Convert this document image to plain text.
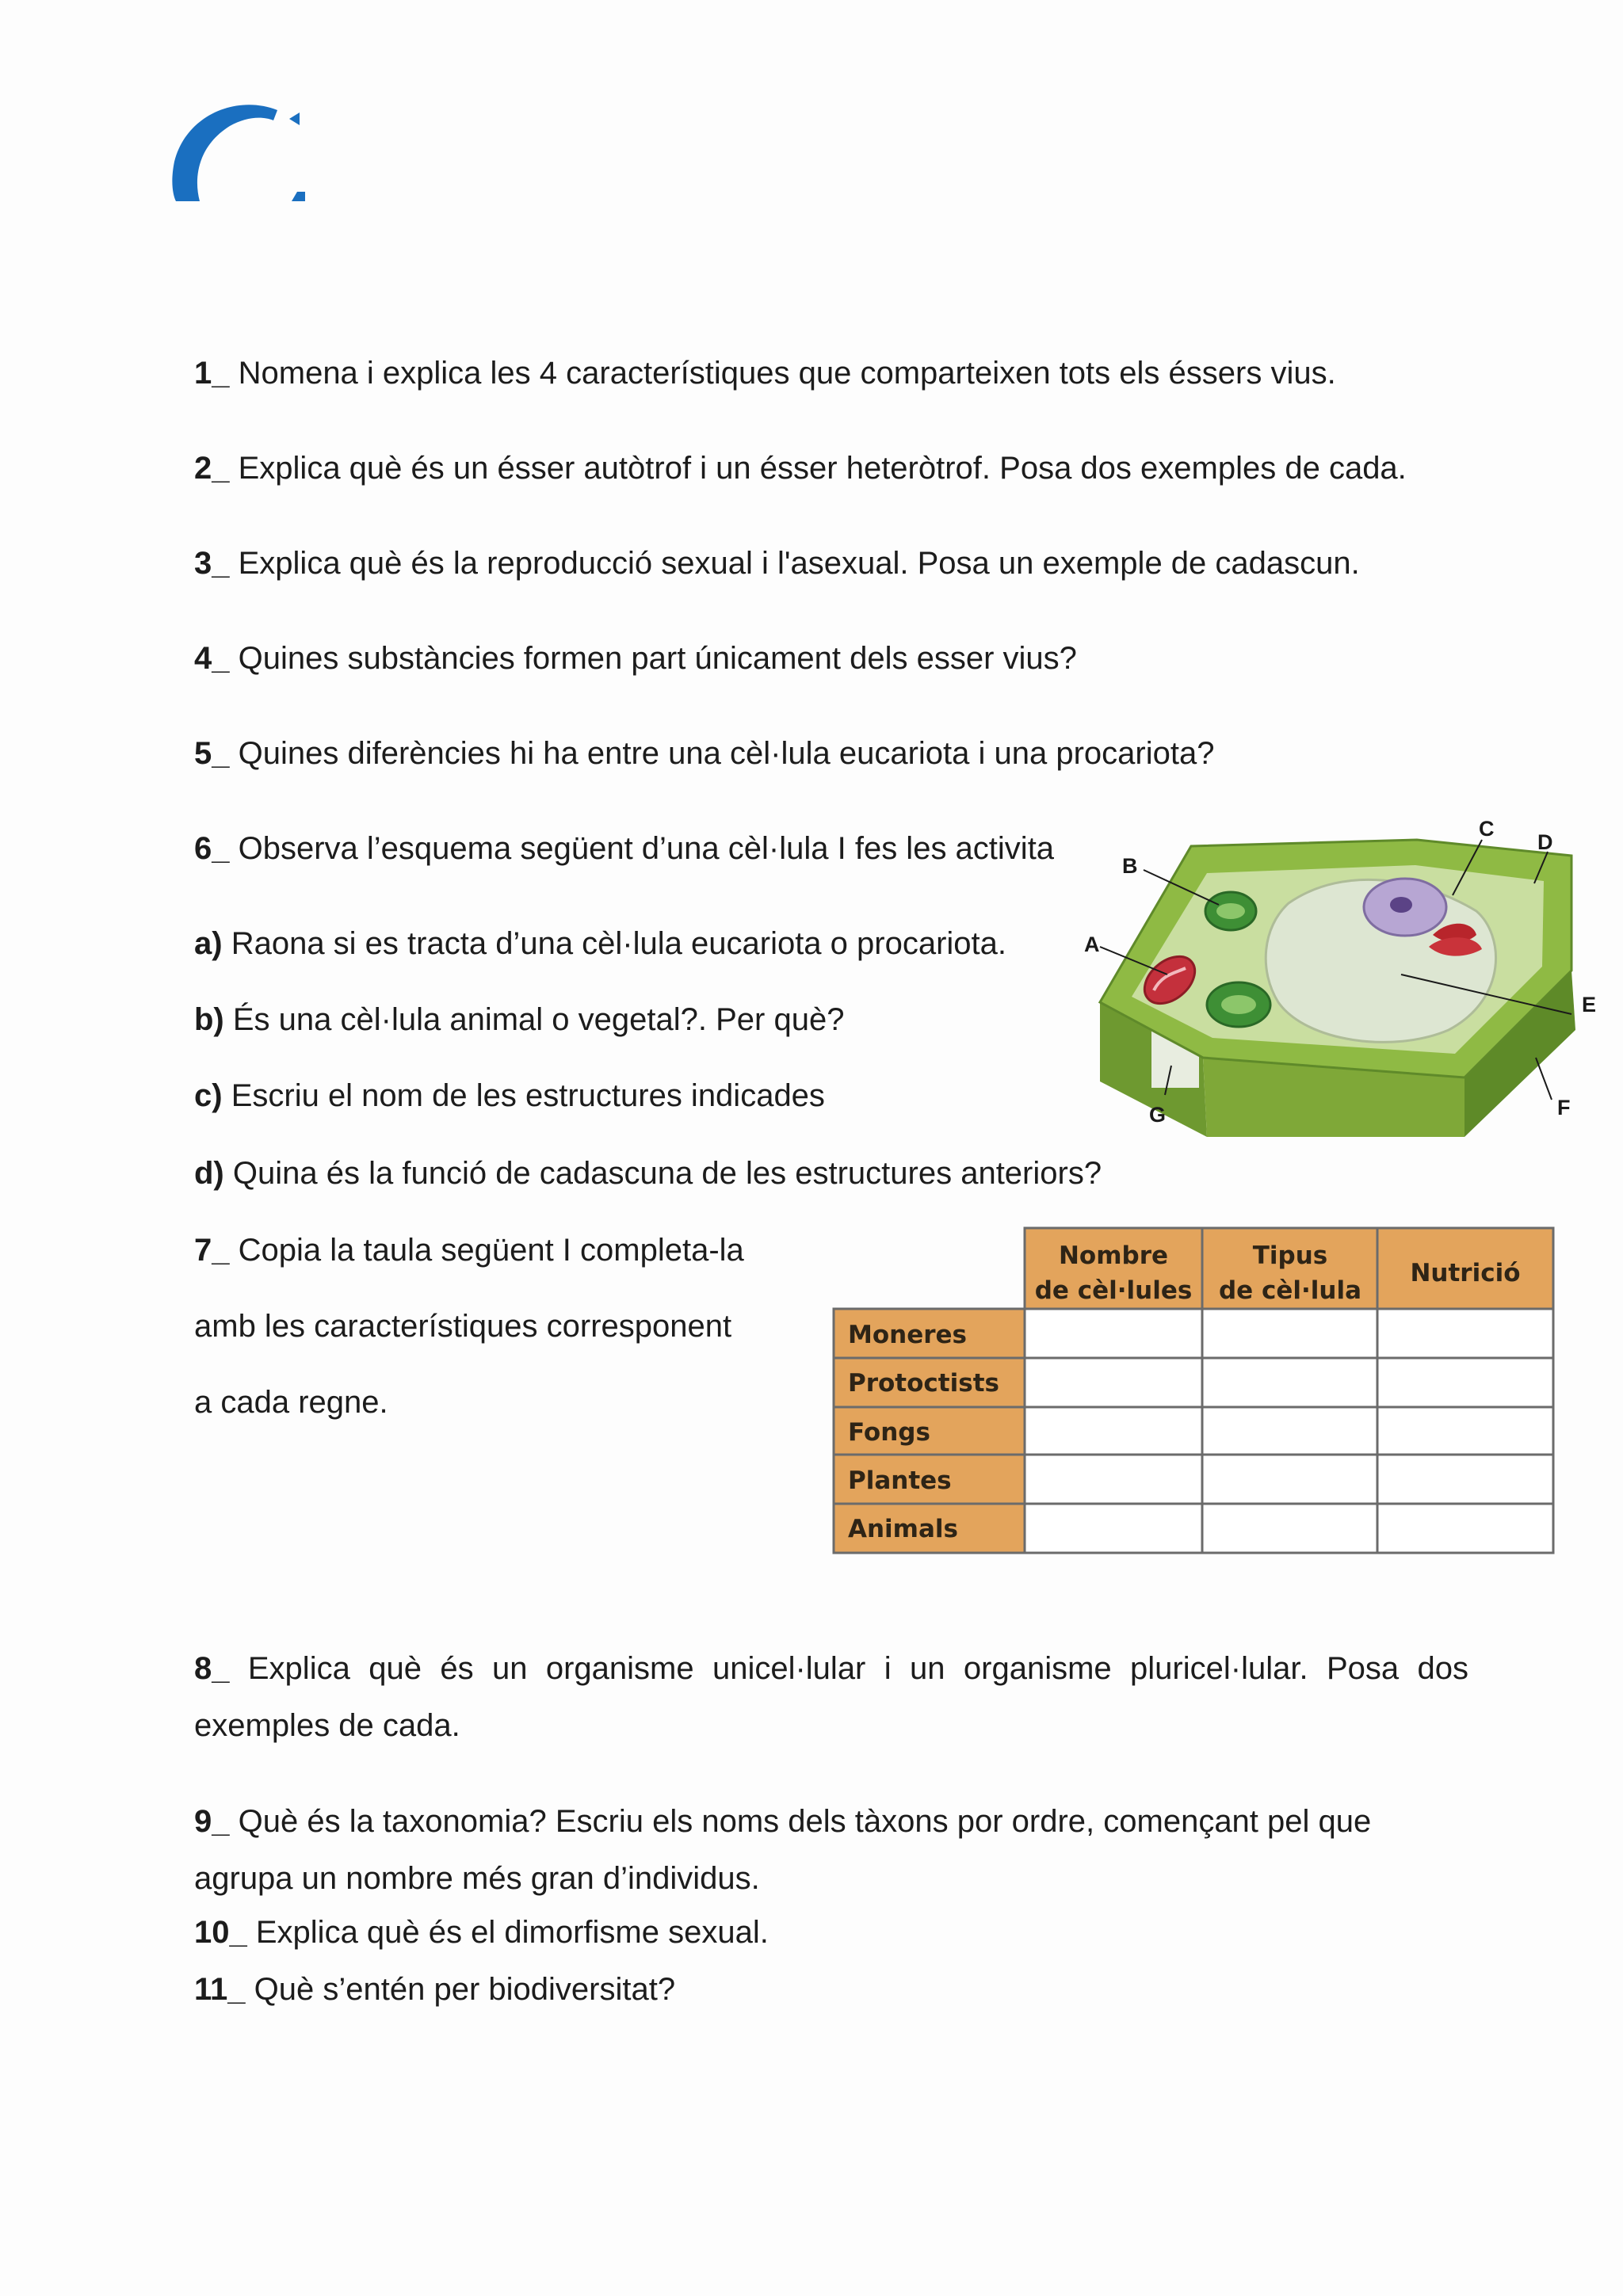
1_ Nomena i explica les 4 característiques que comparteixen tots els éssers vius.
2_ Explica què és un ésser autòtrof i un ésser heteròtrof. Posa dos exemples de cada.
3_ Explica què és la reproducció sexual i l'asexual. Posa un exemple de cadascun.
4_ Quines substàncies formen part únicament dels esser vius?
5_ Quines diferències hi ha entre una cèl·lula eucariota i una procariota?
6_ Observa l’esquema següent d’una cèl·lula I fes les activita
a) Raona si es tracta d’una cèl·lula eucariota o procariota.
b) És una cèl·lula animal o vegetal?. Per què?
c) Escriu el nom de les estructures indicades
d) Quina és la funció de cadascuna de les estructures anteriors?
A
B
C
D
E
F
G
7_ Copia la taula següent I completa-la
amb les característiques corresponent
a cada regne.
Nombre
de cèl·lules
Tipus
de cèl·lula
Nutrició
Moneres
Protoctists
Fongs
Plantes
Animals
8_ Explica què és un organisme unicel·lular i un organisme pluricel·lular. Posa dos
exemples de cada.
9_ Què és la taxonomia? Escriu els noms dels tàxons por ordre, començant pel que
agrupa un nombre més gran d’individus.
10_ Explica què és el dimorfisme sexual.
11_ Què s’entén per biodiversitat?
